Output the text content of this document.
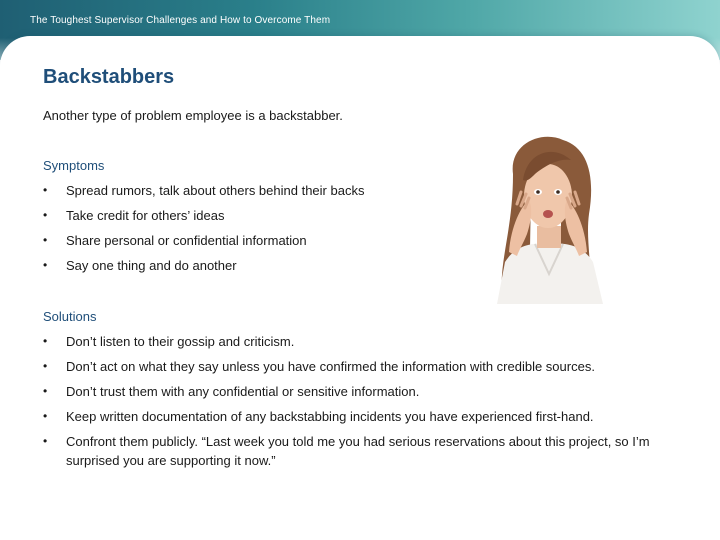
The Toughest Supervisor Challenges and How to Overcome Them
Backstabbers
Another type of problem employee is a backstabber.
Symptoms
• Spread rumors, talk about others behind their backs
• Take credit for others’ ideas
• Share personal or confidential information
• Say one thing and do another
Solutions
• Don’t listen to their gossip and criticism.
• Don’t act on what they say unless you have confirmed the information with credible sources.
• Don’t trust them with any confidential or sensitive information.
• Keep written documentation of any backstabbing incidents you have experienced first-hand.
• Confront them publicly. “Last week you told me you had serious reservations about this project, so I’m surprised you are supporting it now.”
